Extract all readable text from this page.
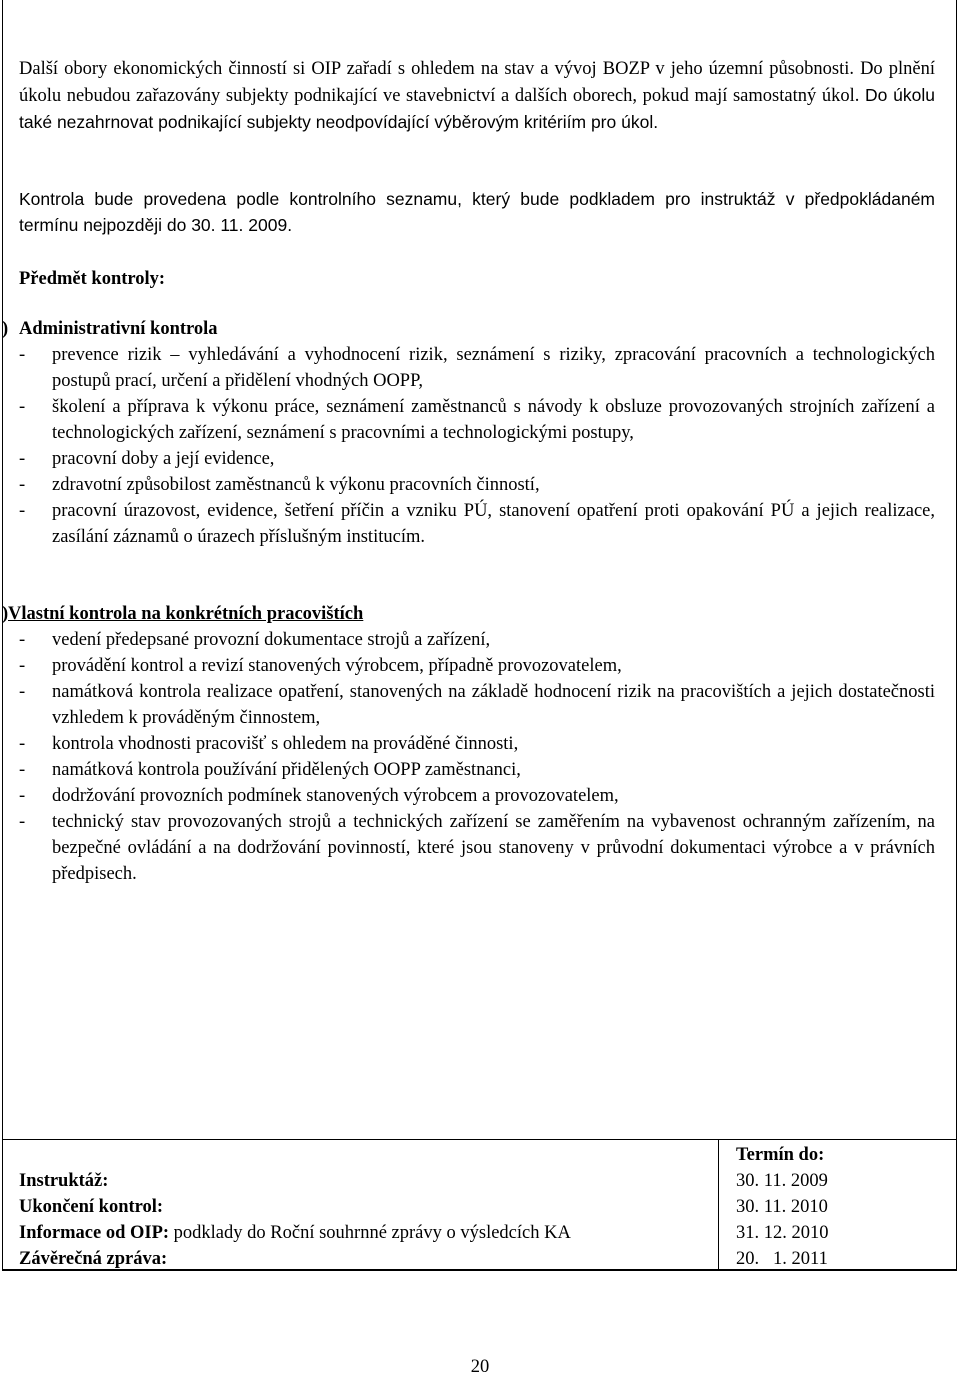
Další obory ekonomických činností si OIP zařadí s ohledem na stav a vývoj BOZP v jeho územní působnosti. Do plnění úkolu nebudou zařazovány subjekty podnikající ve stavebnictví a dalších oborech, pokud mají samostatný úkol. Do úkolu také nezahrnovat podnikající subjekty neodpovídající výběrovým kritériím pro úkol.

Kontrola bude provedena podle kontrolního seznamu, který bude podkladem pro instruktáž v předpokládaném termínu nejpozději do 30. 11. 2009.

Předmět kontroly:
) Administrativní kontrola
- prevence rizik – vyhledávání a vyhodnocení rizik, seznámení s riziky, zpracování pracovních a technologických postupů prací, určení a přidělení vhodných OOPP,
- školení a příprava k výkonu práce, seznámení zaměstnanců s návody k obsluze provozovaných strojních zařízení a technologických zařízení, seznámení s pracovními a technologickými postupy,
- pracovní doby a její evidence,
- zdravotní způsobilost zaměstnanců k výkonu pracovních činností,
- pracovní úrazovost, evidence, šetření příčin a vzniku PÚ, stanovení opatření proti opakování PÚ a jejich realizace, zasílání záznamů o úrazech příslušným institucím.
) Vlastní kontrola na konkrétních pracovištích
- vedení předepsané provozní dokumentace strojů a zařízení,
- provádění kontrol a revizí stanovených výrobcem, případně provozovatelem,
- namátková kontrola realizace opatření, stanovených na základě hodnocení rizik na pracovištích a jejich dostatečnosti vzhledem k prováděným činnostem,
- kontrola vhodnosti pracovišť s ohledem na prováděné činnosti,
- namátková kontrola používání přidělených OOPP zaměstnanci,
- dodržování provozních podmínek stanovených výrobcem a provozovatelem,
- technický stav provozovaných strojů a technických zařízení se zaměřením na vybavenost ochranným zařízením, na bezpečné ovládání a na dodržování povinností, které jsou stanoveny v průvodní dokumentaci výrobce a v právních předpisech.
Termín do:
Instruktáž:	30. 11. 2009
Ukončení kontrol:	30. 11. 2010
Informace od OIP: podklady do Roční souhrnné zprávy o výsledcích KA	31. 12. 2010
Závěrečná zpráva:	20.   1. 2011
20
